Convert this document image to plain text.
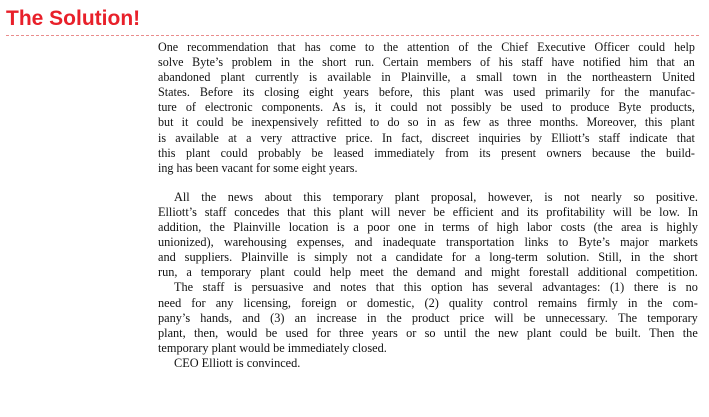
The Solution!
One recommendation that has come to the attention of the Chief Executive Officer could help
solve Byte’s problem in the short run. Certain members of his staff have notified him that an
abandoned plant currently is available in Plainville, a small town in the northeastern United
States. Before its closing eight years before, this plant was used primarily for the manufac-
ture of electronic components. As is, it could not possibly be used to produce Byte products,
but it could be inexpensively refitted to do so in as few as three months. Moreover, this plant
is available at a very attractive price. In fact, discreet inquiries by Elliott’s staff indicate that
this plant could probably be leased immediately from its present owners because the build-
ing has been vacant for some eight years.
All the news about this temporary plant proposal, however, is not nearly so positive.
Elliott’s staff concedes that this plant will never be efficient and its profitability will be low. In
addition, the Plainville location is a poor one in terms of high labor costs (the area is highly
unionized), warehousing expenses, and inadequate transportation links to Byte’s major markets
and suppliers. Plainville is simply not a candidate for a long-term solution. Still, in the short
run, a temporary plant could help meet the demand and might forestall additional competition.
The staff is persuasive and notes that this option has several advantages: (1) there is no
need for any licensing, foreign or domestic, (2) quality control remains firmly in the com-
pany’s hands, and (3) an increase in the product price will be unnecessary. The temporary
plant, then, would be used for three years or so until the new plant could be built. Then the
temporary plant would be immediately closed.
CEO Elliott is convinced.
